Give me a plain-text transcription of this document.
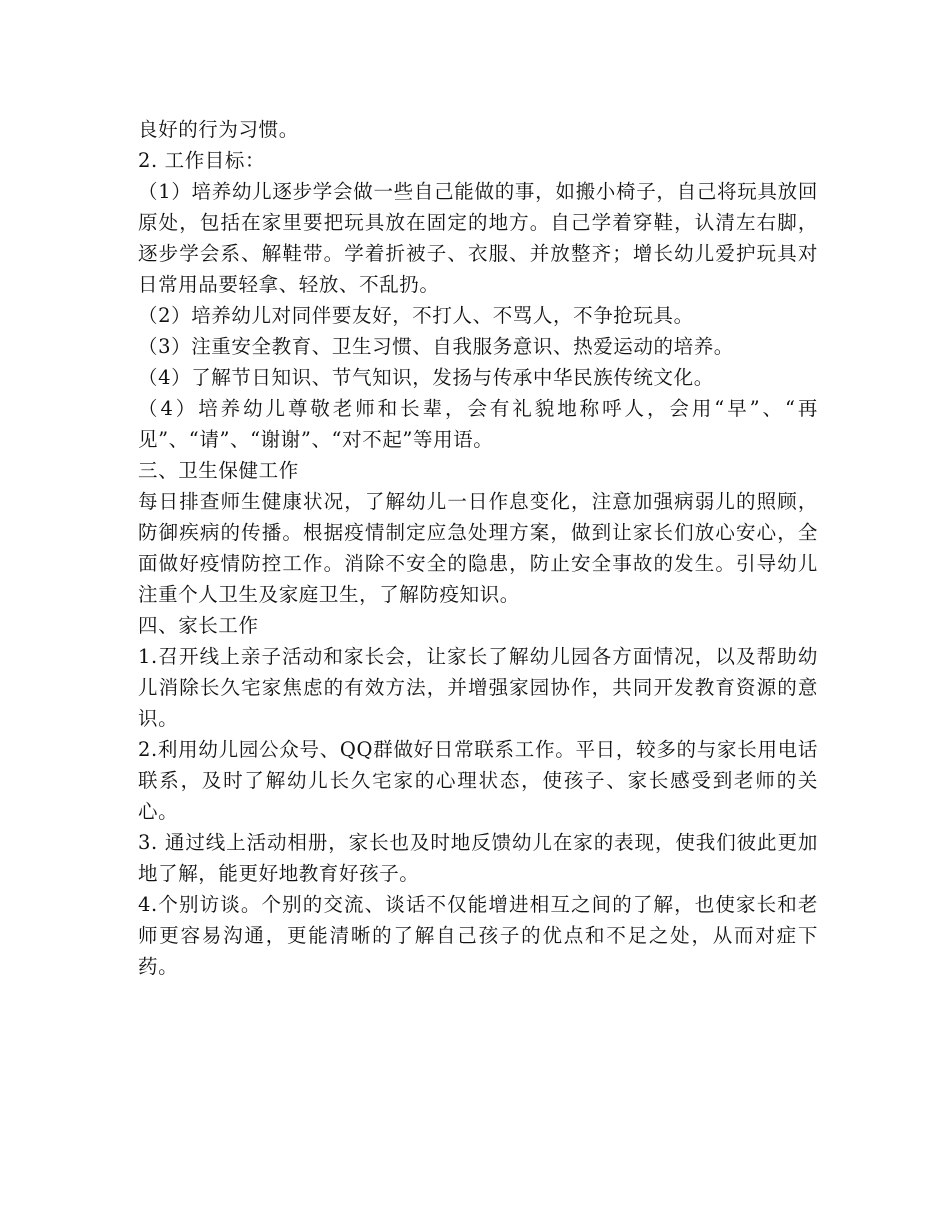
良好的行为习惯。

2. 工作目标：

（1）培养幼儿逐步学会做一些自己能做的事，如搬小椅子，自己将玩具放回原处，包括在家里要把玩具放在固定的地方。自己学着穿鞋，认清左右脚，逐步学会系、解鞋带。学着折被子、衣服、并放整齐；增长幼儿爱护玩具对日常用品要轻拿、轻放、不乱扔。

（2）培养幼儿对同伴要友好，不打人、不骂人，不争抢玩具。

（3）注重安全教育、卫生习惯、自我服务意识、热爱运动的培养。

（4）了解节日知识、节气知识，发扬与传承中华民族传统文化。

（4）培养幼儿尊敬老师和长辈，会有礼貌地称呼人，会用“早”、“再见”、“请”、“谢谢”、“对不起”等用语。

三、卫生保健工作

每日排查师生健康状况，了解幼儿一日作息变化，注意加强病弱儿的照顾，防御疾病的传播。根据疫情制定应急处理方案，做到让家长们放心安心，全面做好疫情防控工作。消除不安全的隐患，防止安全事故的发生。引导幼儿注重个人卫生及家庭卫生，了解防疫知识。

四、家长工作

1.召开线上亲子活动和家长会，让家长了解幼儿园各方面情况，以及帮助幼儿消除长久宅家焦虑的有效方法，并增强家园协作，共同开发教育资源的意识。

2.利用幼儿园公众号、QQ群做好日常联系工作。平日，较多的与家长用电话联系，及时了解幼儿长久宅家的心理状态，使孩子、家长感受到老师的关心。

3. 通过线上活动相册，家长也及时地反馈幼儿在家的表现，使我们彼此更加地了解，能更好地教育好孩子。

4.个别访谈。个别的交流、谈话不仅能增进相互之间的了解，也使家长和老师更容易沟通，更能清晰的了解自己孩子的优点和不足之处，从而对症下药。
